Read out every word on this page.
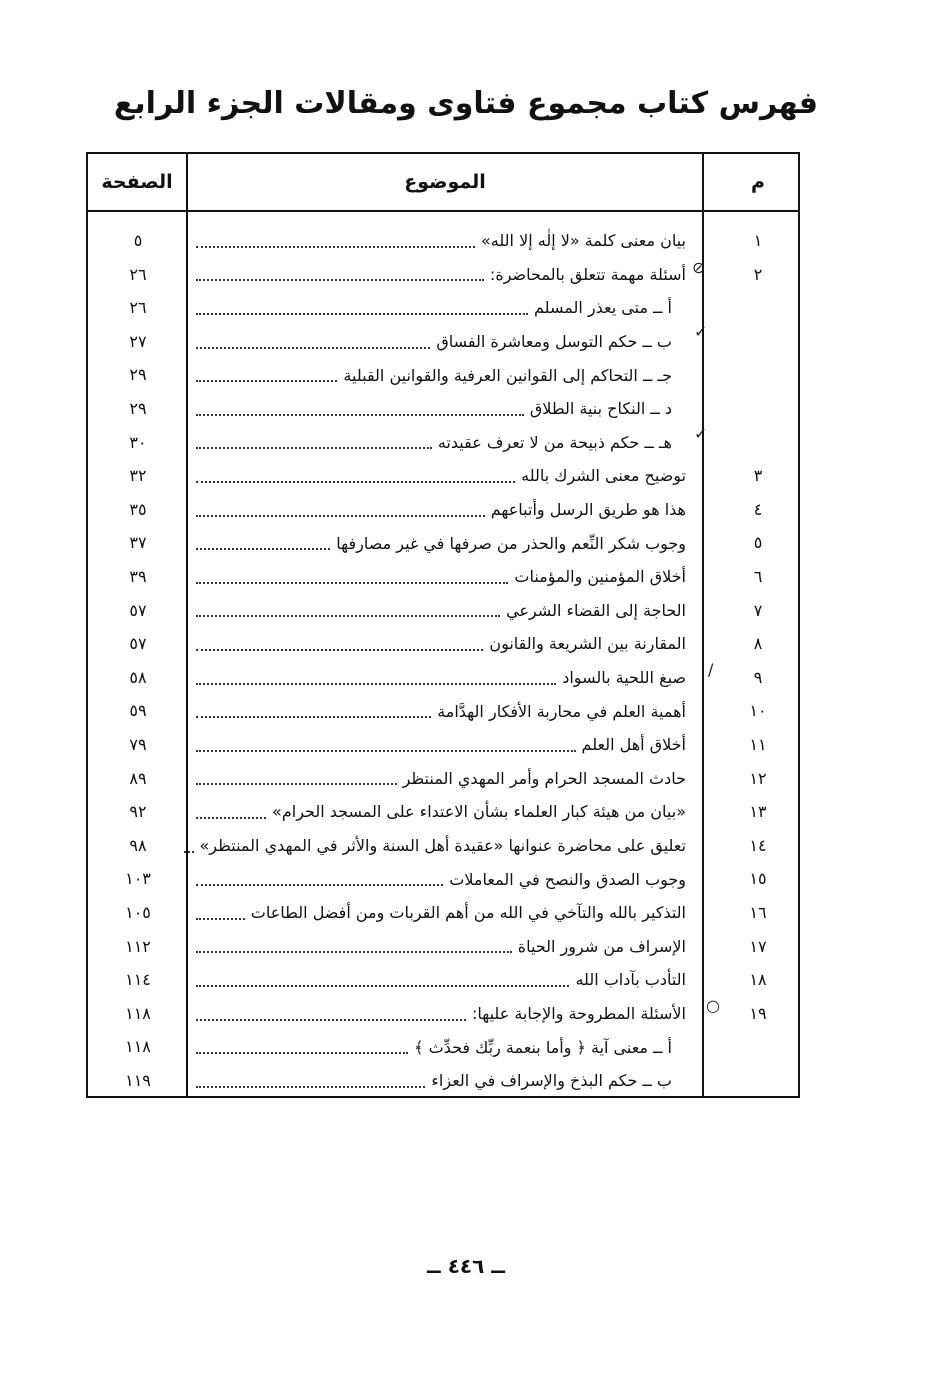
فهرس كتاب مجموع فتاوى ومقالات الجزء الرابع
م
الموضوع
الصفحة
١
بيان معنى كلمة «لا إلٰه إلا الله»
٥
٢
أسئلة مهمة تتعلق بالمحاضرة:
٢٦
أ ــ متى يعذر المسلم
٢٦
ب ــ حكم التوسل ومعاشرة الفساق
٢٧
جـ ــ التحاكم إلى القوانين العرفية والقوانين القبلية
٢٩
د ــ النكاح بنية الطلاق
٢٩
هـ ــ حكم ذبيحة من لا تعرف عقيدته
٣٠
٣
توضيح معنى الشرك بالله
٣٢
٤
هذا هو طريق الرسل وأتباعهم
٣٥
٥
وجوب شكر النِّعم والحذر من صرفها في غير مصارفها
٣٧
٦
أخلاق المؤمنين والمؤمنات
٣٩
٧
الحاجة إلى القضاء الشرعي
٥٧
٨
المقارنة بين الشريعة والقانون
٥٧
٩
صبغ اللحية بالسواد
٥٨
١٠
أهمية العلم في محاربة الأفكار الهدَّامة
٥٩
١١
أخلاق أهل العلم
٧٩
١٢
حادث المسجد الحرام وأمر المهدي المنتظر
٨٩
١٣
«بيان من هيئة كبار العلماء بشأن الاعتداء على المسجد الحرام»
٩٢
١٤
تعليق على محاضرة عنوانها «عقيدة أهل السنة والأثر في المهدي المنتظر»
٩٨
١٥
وجوب الصدق والنصح في المعاملات
١٠٣
١٦
التذكير بالله والتآخي في الله من أهم القربات ومن أفضل الطاعات
١٠٥
١٧
الإسراف من شرور الحياة
١١٢
١٨
التأدب بآداب الله
١١٤
١٩
الأسئلة المطروحة والإجابة عليها:
١١٨
أ ــ معنى آية ﴿ وأما بنعمة ربِّك فحدِّث ﴾
١١٨
ب ــ حكم البذخ والإسراف في العزاء
١١٩
⊘
✓
✓
/
○
ــ ٤٤٦ ــ
